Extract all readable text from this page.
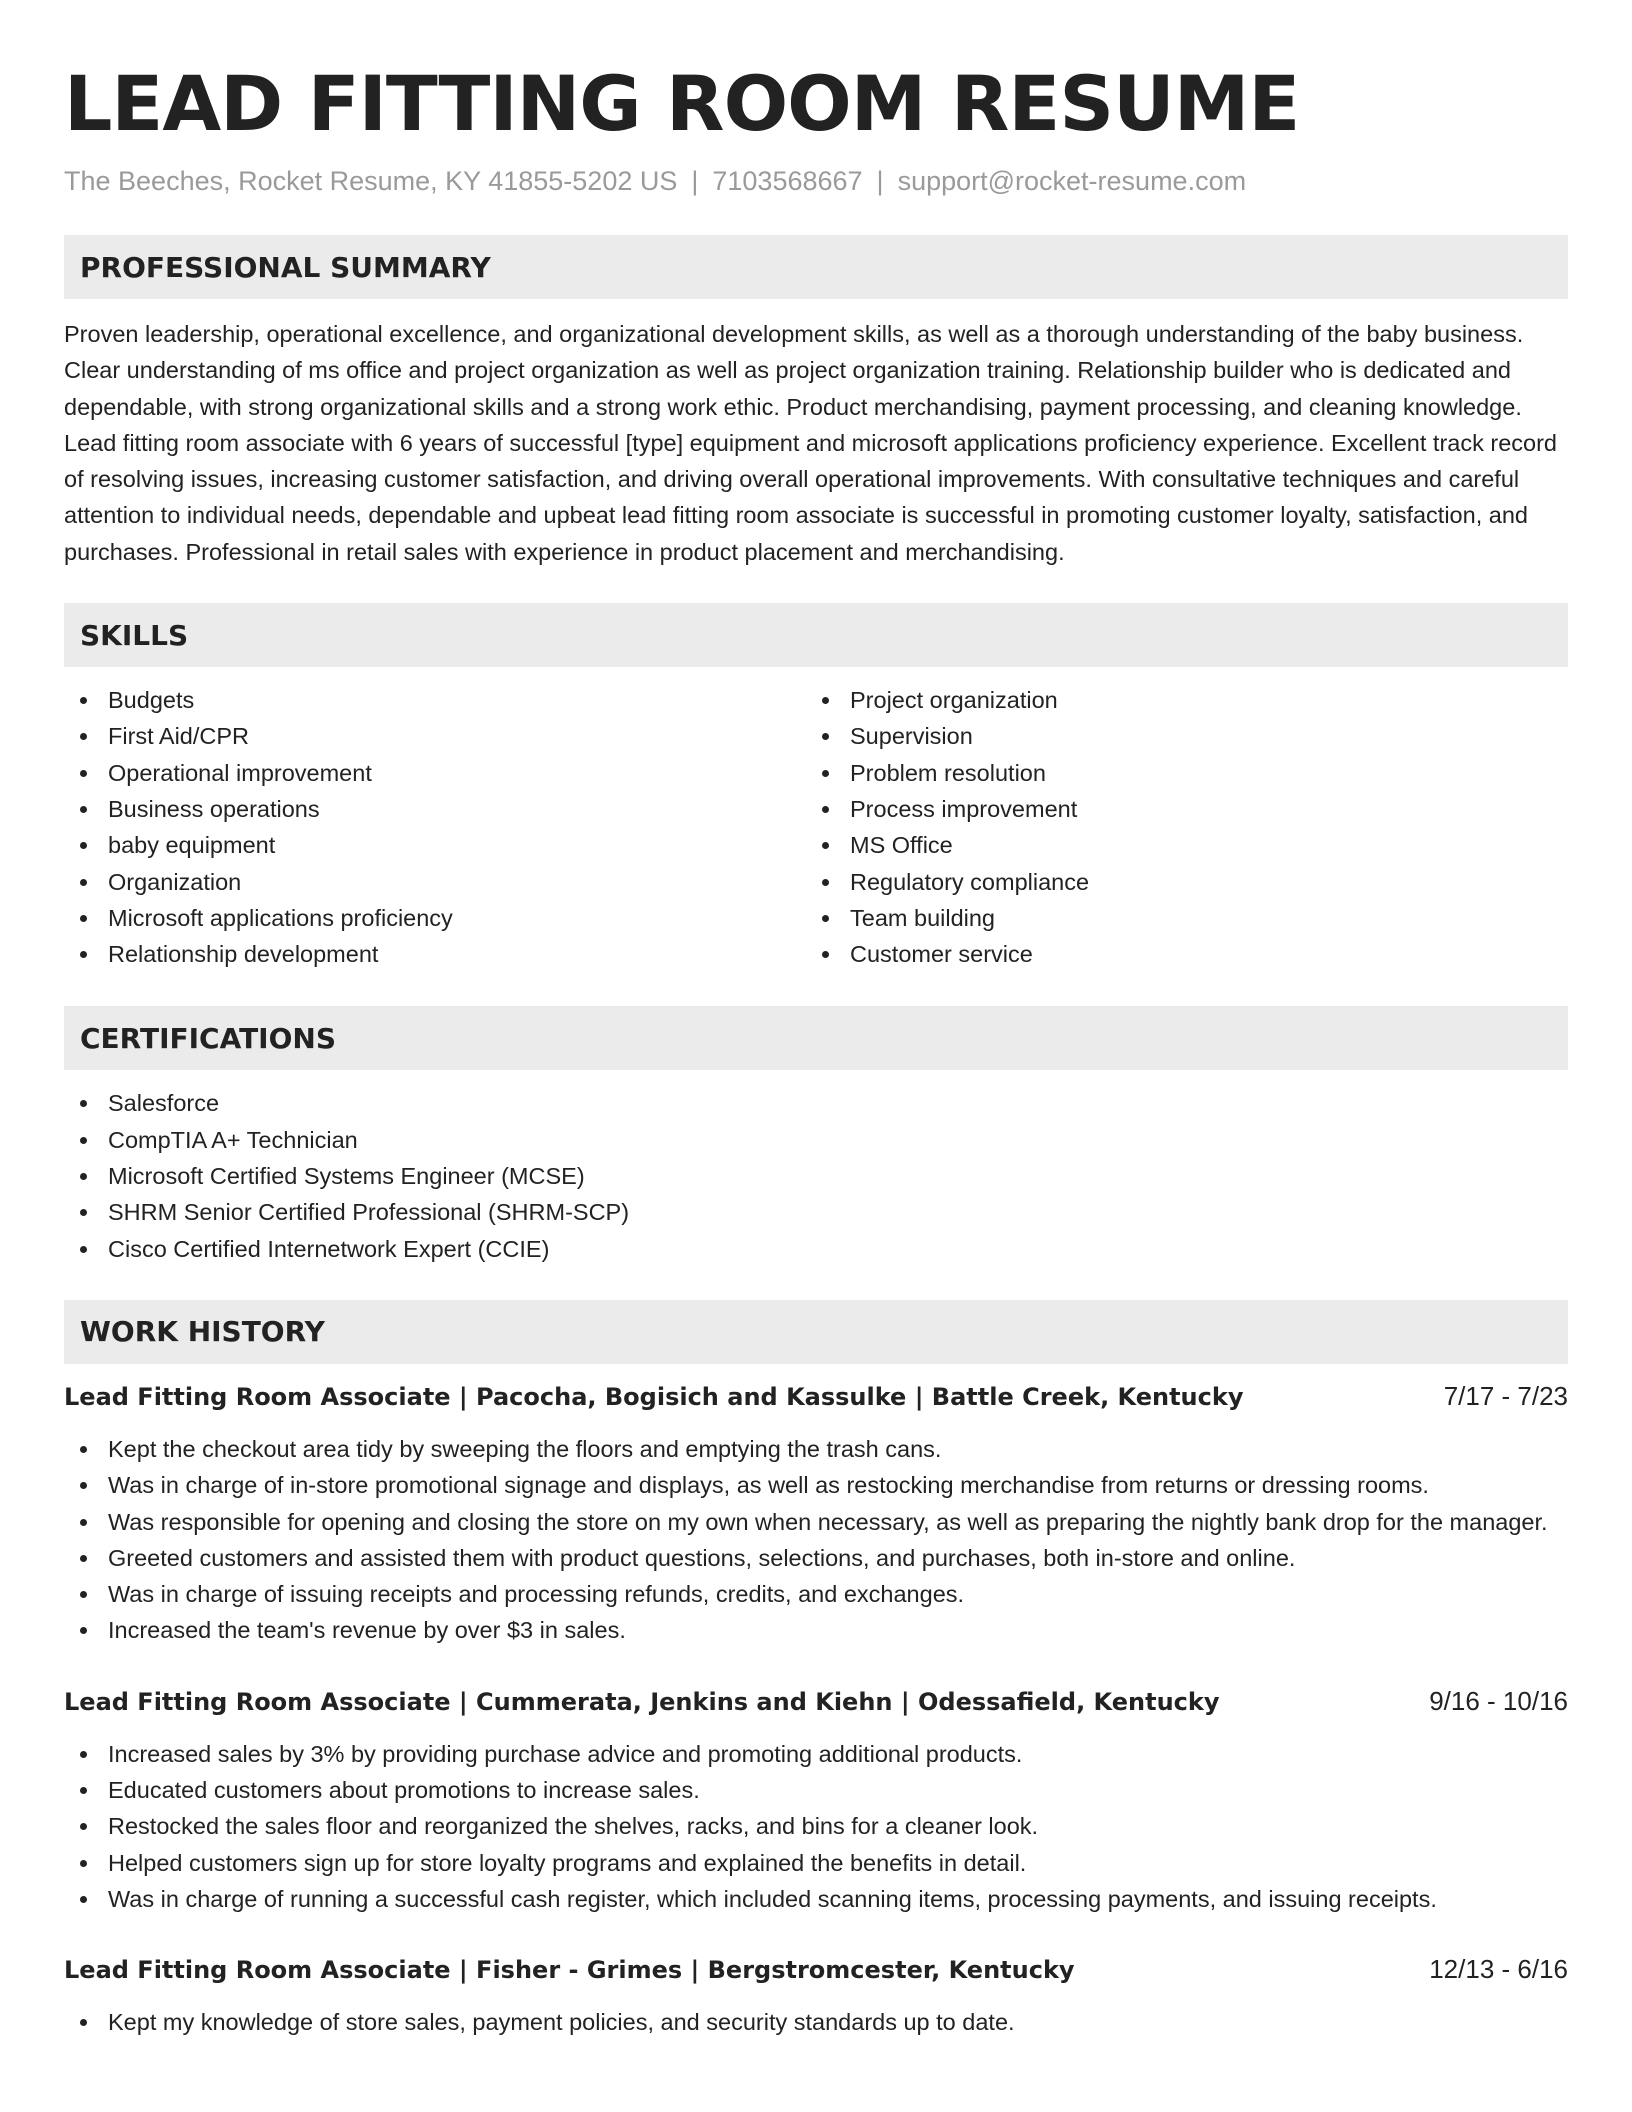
LEAD FITTING ROOM RESUME
The Beeches, Rocket Resume, KY 41855-5202 US | 7103568667 | support@rocket-resume.com
PROFESSIONAL SUMMARY
Proven leadership, operational excellence, and organizational development skills, as well as a thorough understanding of the baby business. Clear understanding of ms office and project organization as well as project organization training. Relationship builder who is dedicated and dependable, with strong organizational skills and a strong work ethic. Product merchandising, payment processing, and cleaning knowledge. Lead fitting room associate with 6 years of successful [type] equipment and microsoft applications proficiency experience. Excellent track record of resolving issues, increasing customer satisfaction, and driving overall operational improvements. With consultative techniques and careful attention to individual needs, dependable and upbeat lead fitting room associate is successful in promoting customer loyalty, satisfaction, and purchases. Professional in retail sales with experience in product placement and merchandising.
SKILLS
Budgets
First Aid/CPR
Operational improvement
Business operations
baby equipment
Organization
Microsoft applications proficiency
Relationship development
Project organization
Supervision
Problem resolution
Process improvement
MS Office
Regulatory compliance
Team building
Customer service
CERTIFICATIONS
Salesforce
CompTIA A+ Technician
Microsoft Certified Systems Engineer (MCSE)
SHRM Senior Certified Professional (SHRM-SCP)
Cisco Certified Internetwork Expert (CCIE)
WORK HISTORY
Lead Fitting Room Associate | Pacocha, Bogisich and Kassulke | Battle Creek, Kentucky	7/17 - 7/23
Kept the checkout area tidy by sweeping the floors and emptying the trash cans.
Was in charge of in-store promotional signage and displays, as well as restocking merchandise from returns or dressing rooms.
Was responsible for opening and closing the store on my own when necessary, as well as preparing the nightly bank drop for the manager.
Greeted customers and assisted them with product questions, selections, and purchases, both in-store and online.
Was in charge of issuing receipts and processing refunds, credits, and exchanges.
Increased the team's revenue by over $3 in sales.
Lead Fitting Room Associate | Cummerata, Jenkins and Kiehn | Odessafield, Kentucky	9/16 - 10/16
Increased sales by 3% by providing purchase advice and promoting additional products.
Educated customers about promotions to increase sales.
Restocked the sales floor and reorganized the shelves, racks, and bins for a cleaner look.
Helped customers sign up for store loyalty programs and explained the benefits in detail.
Was in charge of running a successful cash register, which included scanning items, processing payments, and issuing receipts.
Lead Fitting Room Associate | Fisher - Grimes | Bergstromcester, Kentucky	12/13 - 6/16
Kept my knowledge of store sales, payment policies, and security standards up to date.
